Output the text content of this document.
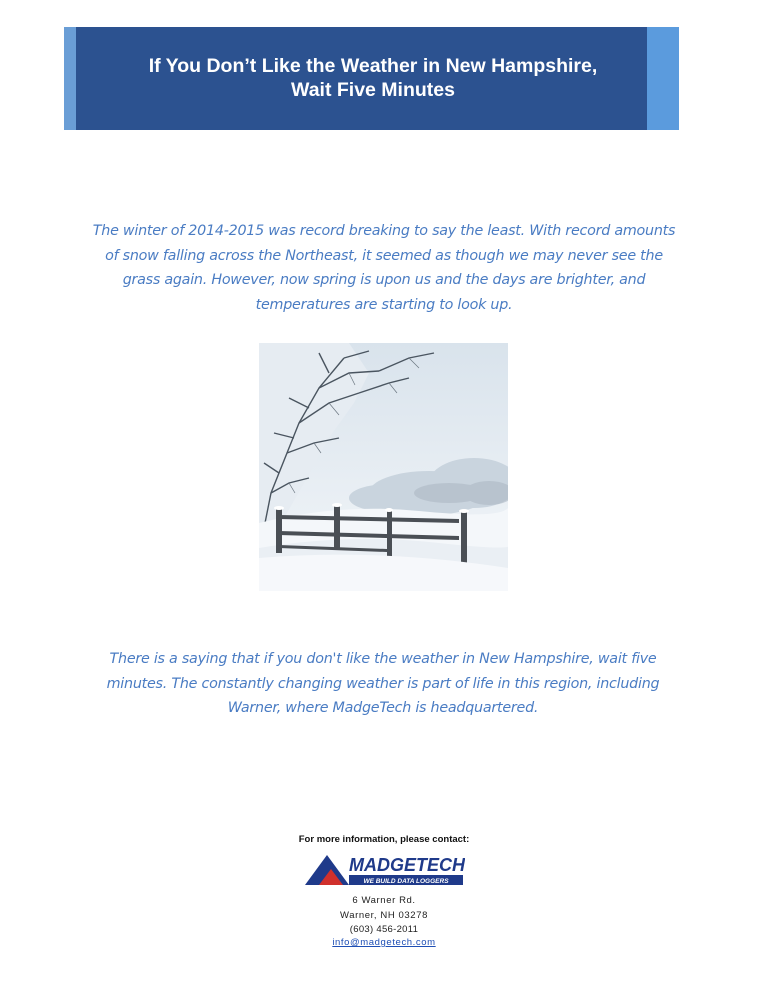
If You Don’t Like the Weather in New Hampshire,
Wait Five Minutes

The winter of 2014-2015 was record breaking to say the least. With record amounts of snow falling across the Northeast, it seemed as though we may never see the grass again. However, now spring is upon us and the days are brighter, and temperatures are starting to look up.

There is a saying that if you don't like the weather in New Hampshire, wait five minutes. The constantly changing weather is part of life in this region, including Warner, where MadgeTech is headquartered.

For more information, please contact:

MADGETECH
WE BUILD DATA LOGGERS

6 Warner Rd.

Warner, NH 03278

(603) 456-2011

info@madgetech.com
